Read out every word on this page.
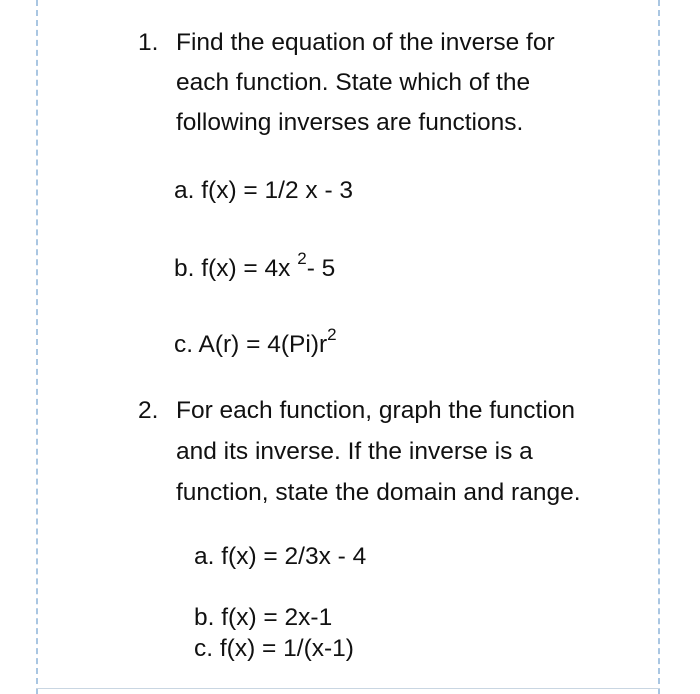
1. Find the equation of the inverse for
each function. State which of the
following inverses are functions.
a. f(x) = 1/2 x - 3
b. f(x) = 4x $^2$- 5
c. $A(r) = 4(Pi)r^2$
2. For each function, graph the function
and its inverse. If the inverse is a
function, state the domain and range.
a. f(x) = 2/3x - 4
b. f(x) = 2x-1
c. f(x) = 1/(x-1)
